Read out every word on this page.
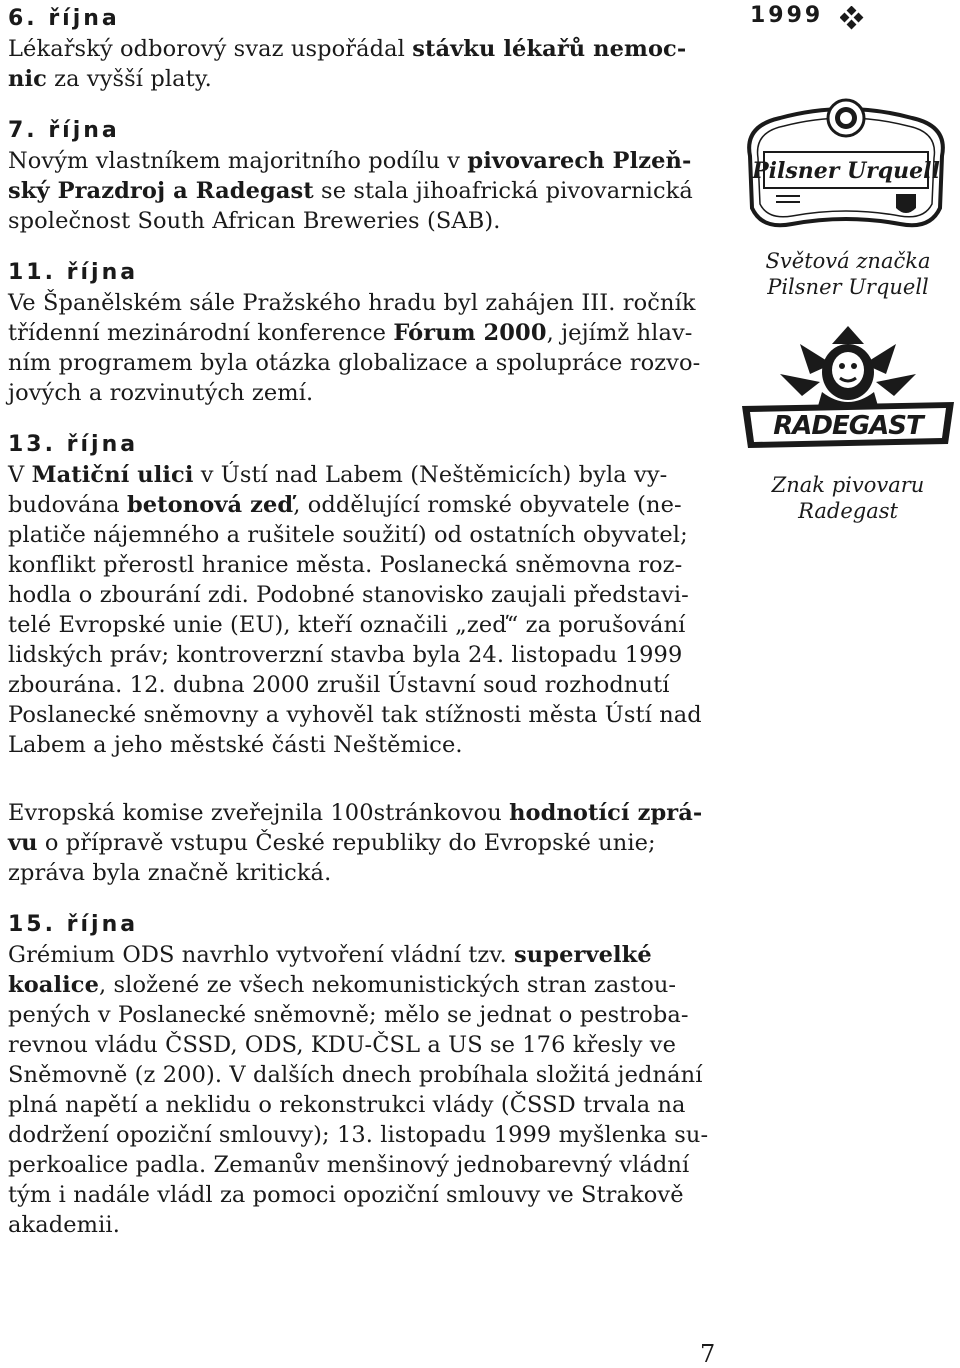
6. října

Lékařský odborový svaz uspořádal stávku lékařů nemoc-
nic za vyšší platy.

7. října

Novým vlastníkem majoritního podílu v pivovarech Plzeň-
ský Prazdroj a Radegast se stala jihoafrická pivovarnická
společnost South African Breweries (SAB).

11. října

Ve Španělském sále Pražského hradu byl zahájen III. ročník
třídenní mezinárodní konference Fórum 2000, jejímž hlav-
ním programem byla otázka globalizace a spolupráce rozvo-
jových a rozvinutých zemí.

13. října

V Matiční ulici v Ústí nad Labem (Neštěmicích) byla vy-
budována betonová zeď, oddělující romské obyvatele (ne-
platiče nájemného a rušitele soužití) od ostatních obyvatel;
konflikt přerostl hranice města. Poslanecká sněmovna roz-
hodla o zbourání zdi. Podobné stanovisko zaujali představi-
telé Evropské unie (EU), kteří označili „zeď“ za porušování
lidských práv; kontroverzní stavba byla 24. listopadu 1999
zbourána. 12. dubna 2000 zrušil Ústavní soud rozhodnutí
Poslanecké sněmovny a vyhověl tak stížnosti města Ústí nad
Labem a jeho městské části Neštěmice.

Evropská komise zveřejnila 100stránkovou hodnotící zprá-
vu o přípravě vstupu České republiky do Evropské unie;
zpráva byla značně kritická.

15. října

Grémium ODS navrhlo vytvoření vládní tzv. supervelké
koalice, složené ze všech nekomunistických stran zastou-
pených v Poslanecké sněmovně; mělo se jednat o pestroba-
revnou vládu ČSSD, ODS, KDU-ČSL a US se 176 křesly ve
Sněmovně (z 200). V dalších dnech probíhala složitá jednání
plná napětí a neklidu o rekonstrukci vlády (ČSSD trvala na
dodržení opoziční smlouvy); 13. listopadu 1999 myšlenka su-
perkoalice padla. Zemanův menšinový jednobarevný vládní
tým i nadále vládl za pomoci opoziční smlouvy ve Strakově
akademii.

1999
Pilsner Urquell
Světová značka
Pilsner Urquell
RADEGAST
Znak pivovaru
Radegast
7
